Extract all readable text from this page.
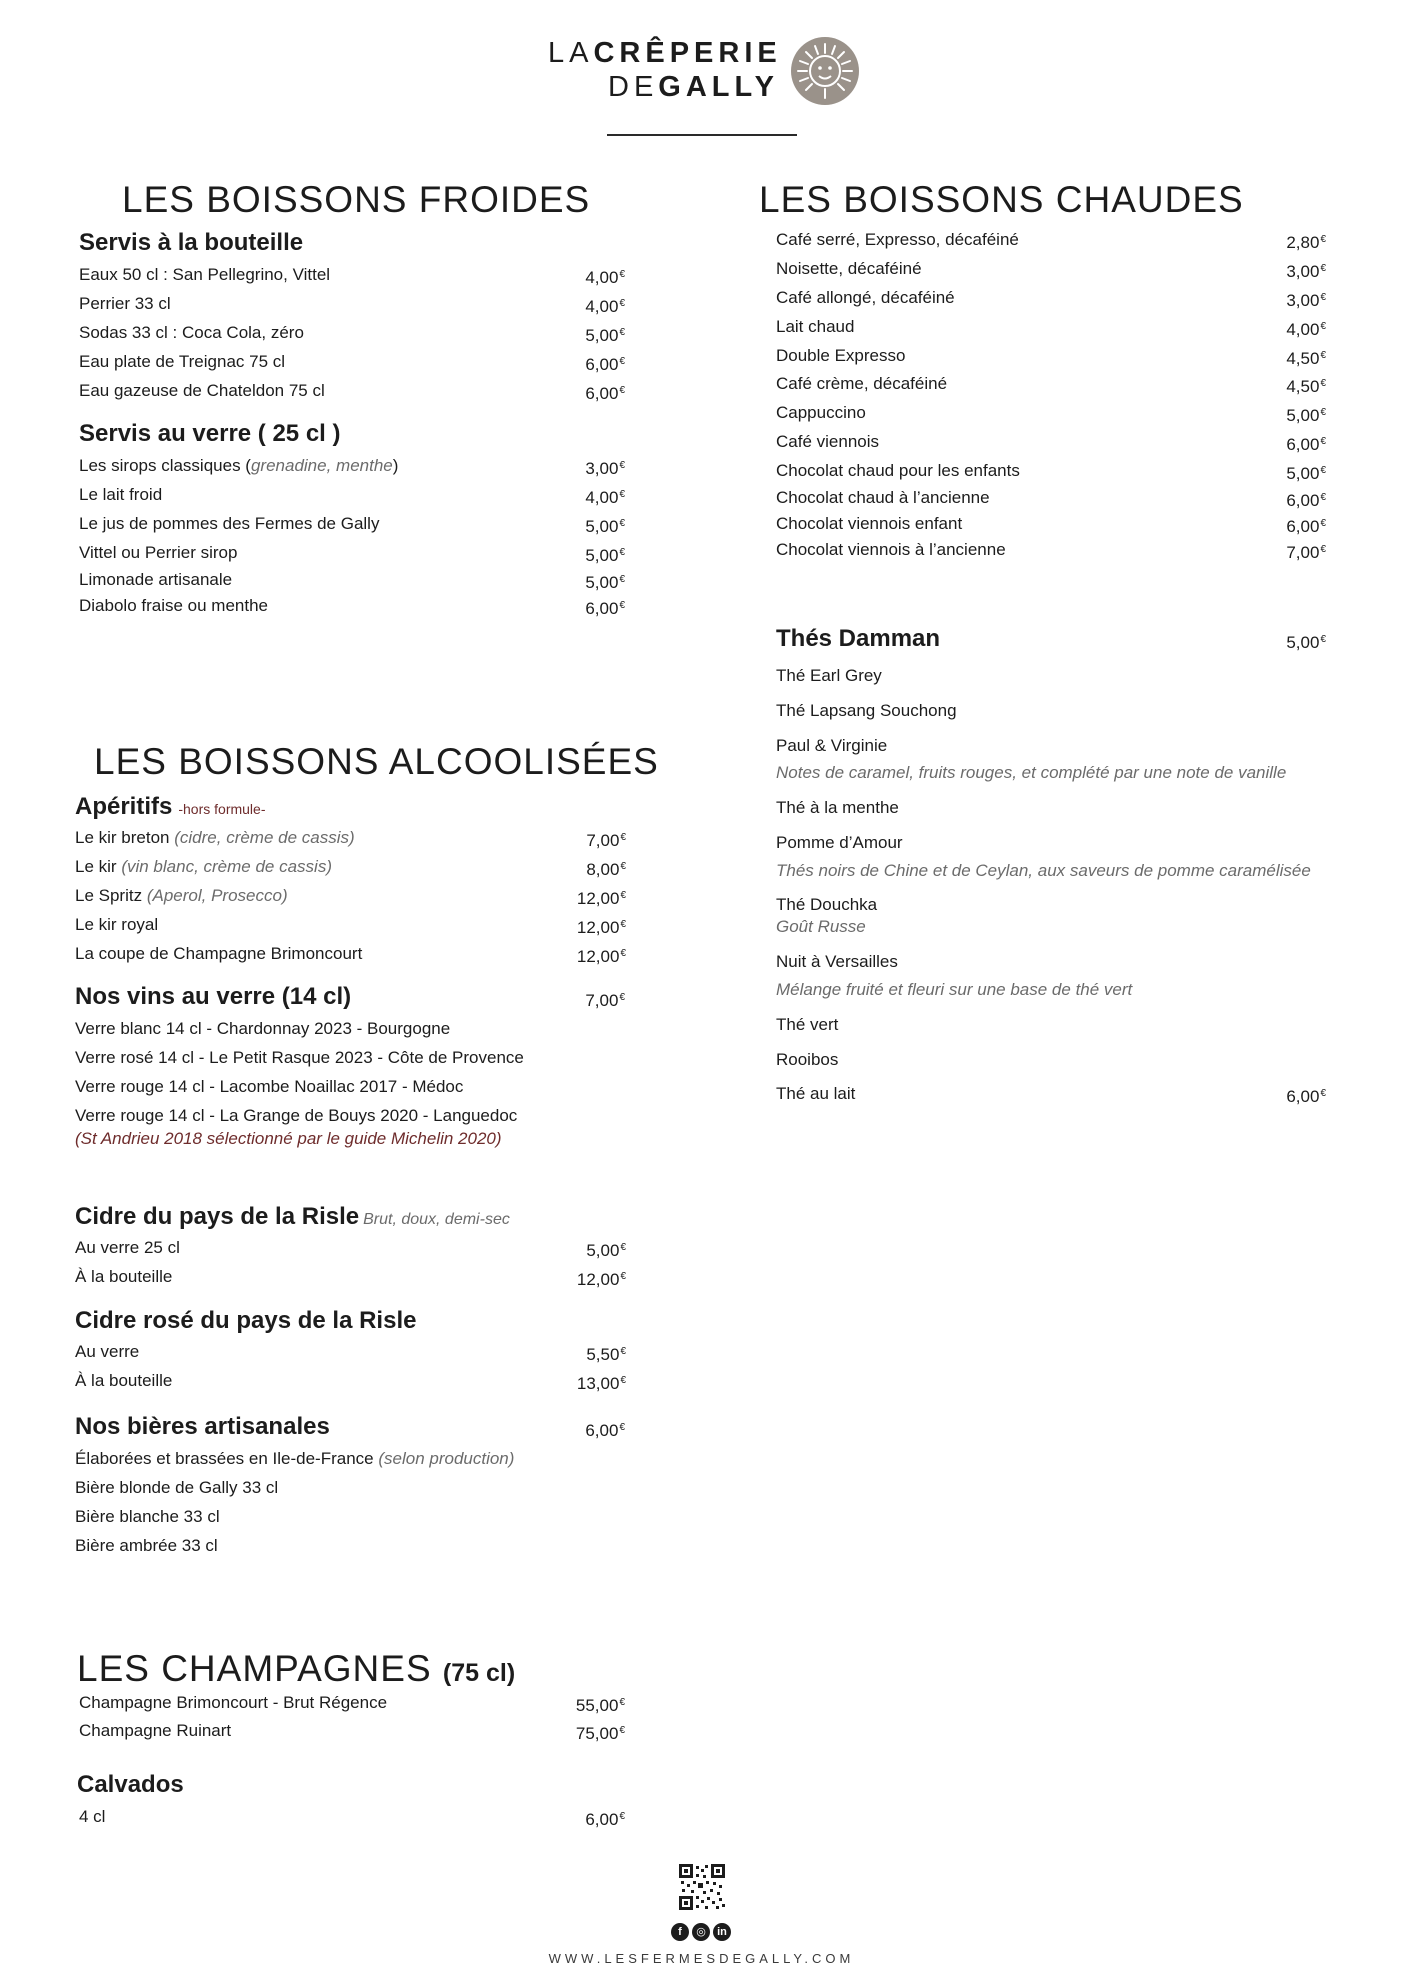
LACRÊPERIE
DEGALLY
LES BOISSONS FROIDES
Servis à la bouteille
Eaux 50 cl : San Pellegrino, Vittel	4,00€
Perrier 33 cl	4,00€
Sodas 33 cl : Coca Cola, zéro	5,00€
Eau plate de Treignac 75 cl	6,00€
Eau gazeuse de Chateldon 75 cl	6,00€
Servis au verre ( 25 cl )
Les sirops classiques (grenadine, menthe)	3,00€
Le lait froid	4,00€
Le jus de pommes des Fermes de Gally	5,00€
Vittel ou Perrier sirop	5,00€
Limonade artisanale	5,00€
Diabolo fraise ou menthe	6,00€
LES BOISSONS ALCOOLISÉES
Apéritifs -hors formule-
Le kir breton (cidre, crème de cassis)	7,00€
Le kir (vin blanc, crème de cassis)	8,00€
Le Spritz (Aperol, Prosecco)	12,00€
Le kir royal	12,00€
La coupe de Champagne Brimoncourt	12,00€
Nos vins au verre (14 cl)	7,00€
Verre blanc 14 cl - Chardonnay 2023 - Bourgogne
Verre rosé 14 cl - Le Petit Rasque 2023 - Côte de Provence
Verre rouge 14 cl - Lacombe Noaillac 2017 - Médoc
Verre rouge 14 cl - La Grange de Bouys 2020 - Languedoc
(St Andrieu 2018 sélectionné par le guide Michelin 2020)
Cidre du pays de la Risle Brut, doux, demi-sec
Au verre 25 cl	5,00€
À la bouteille	12,00€
Cidre rosé du pays de la Risle
Au verre	5,50€
À la bouteille	13,00€
Nos bières artisanales	6,00€
Élaborées et brassées en Ile-de-France (selon production)
Bière blonde de Gally 33 cl
Bière blanche 33 cl
Bière ambrée 33 cl
LES CHAMPAGNES (75 cl)
Champagne Brimoncourt - Brut Régence	55,00€
Champagne Ruinart	75,00€
Calvados
4 cl	6,00€
LES BOISSONS CHAUDES
Café serré, Expresso, décaféiné	2,80€
Noisette, décaféiné	3,00€
Café allongé, décaféiné	3,00€
Lait chaud	4,00€
Double Expresso	4,50€
Café crème, décaféiné	4,50€
Cappuccino	5,00€
Café viennois	6,00€
Chocolat chaud pour les enfants	5,00€
Chocolat chaud à l’ancienne	6,00€
Chocolat viennois enfant	6,00€
Chocolat viennois à l’ancienne	7,00€
Thés Damman	5,00€
Thé Earl Grey
Thé Lapsang Souchong
Paul & Virginie
Notes de caramel, fruits rouges, et complété par une note de vanille
Thé à la menthe
Pomme d’Amour
Thés noirs de Chine et de Ceylan, aux saveurs de pomme caramélisée
Thé Douchka
Goût Russe
Nuit à Versailles
Mélange fruité et fleuri sur une base de thé vert
Thé vert
Rooibos
Thé au lait	6,00€
f	◎	in
WWW.LESFERMESDEGALLY.COM
